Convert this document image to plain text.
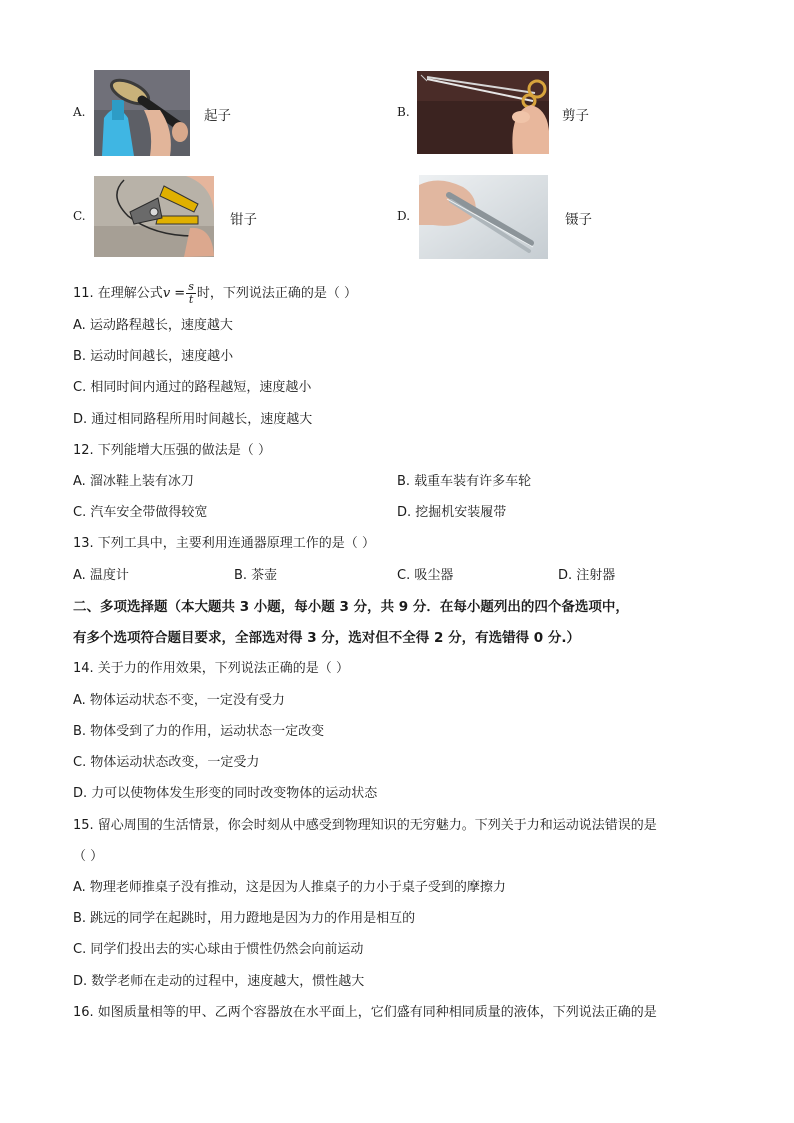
A.	起子	B.	剪子
C.	钳子	D.	镊子
11. 在理解公式$v = \frac{s}{t}$ 时，下列说法正确的是（ ）
A. 运动路程越长，速度越大
B. 运动时间越长，速度越小
C. 相同时间内通过的路程越短，速度越小
D. 通过相同路程所用时间越长，速度越大
12. 下列能增大压强的做法是（ ）
A. 溜冰鞋上装有冰刀	B. 载重车装有许多车轮
C. 汽车安全带做得较宽	D. 挖掘机安装履带
13. 下列工具中，主要利用连通器原理工作的是（ ）
A. 温度计	B. 茶壶	C. 吸尘器	D. 注射器
二、多项选择题（本大题共 3 小题，每小题 3 分，共 9 分．在每小题列出的四个备选项中，
有多个选项符合题目要求，全部选对得 3 分，选对但不全得 2 分，有选错得 0 分.）
14. 关于力的作用效果，下列说法正确的是（ ）
A. 物体运动状态不变，一定没有受力
B. 物体受到了力的作用，运动状态一定改变
C. 物体运动状态改变，一定受力
D. 力可以使物体发生形变的同时改变物体的运动状态
15. 留心周围的生活情景，你会时刻从中感受到物理知识的无穷魅力。下列关于力和运动说法错误的是
（ ）
A. 物理老师推桌子没有推动，这是因为人推桌子的力小于桌子受到的摩擦力
B. 跳远的同学在起跳时，用力蹬地是因为力的作用是相互的
C. 同学们投出去的实心球由于惯性仍然会向前运动
D. 数学老师在走动的过程中，速度越大，惯性越大
16. 如图质量相等的甲、乙两个容器放在水平面上，它们盛有同种相同质量的液体，下列说法正确的是
